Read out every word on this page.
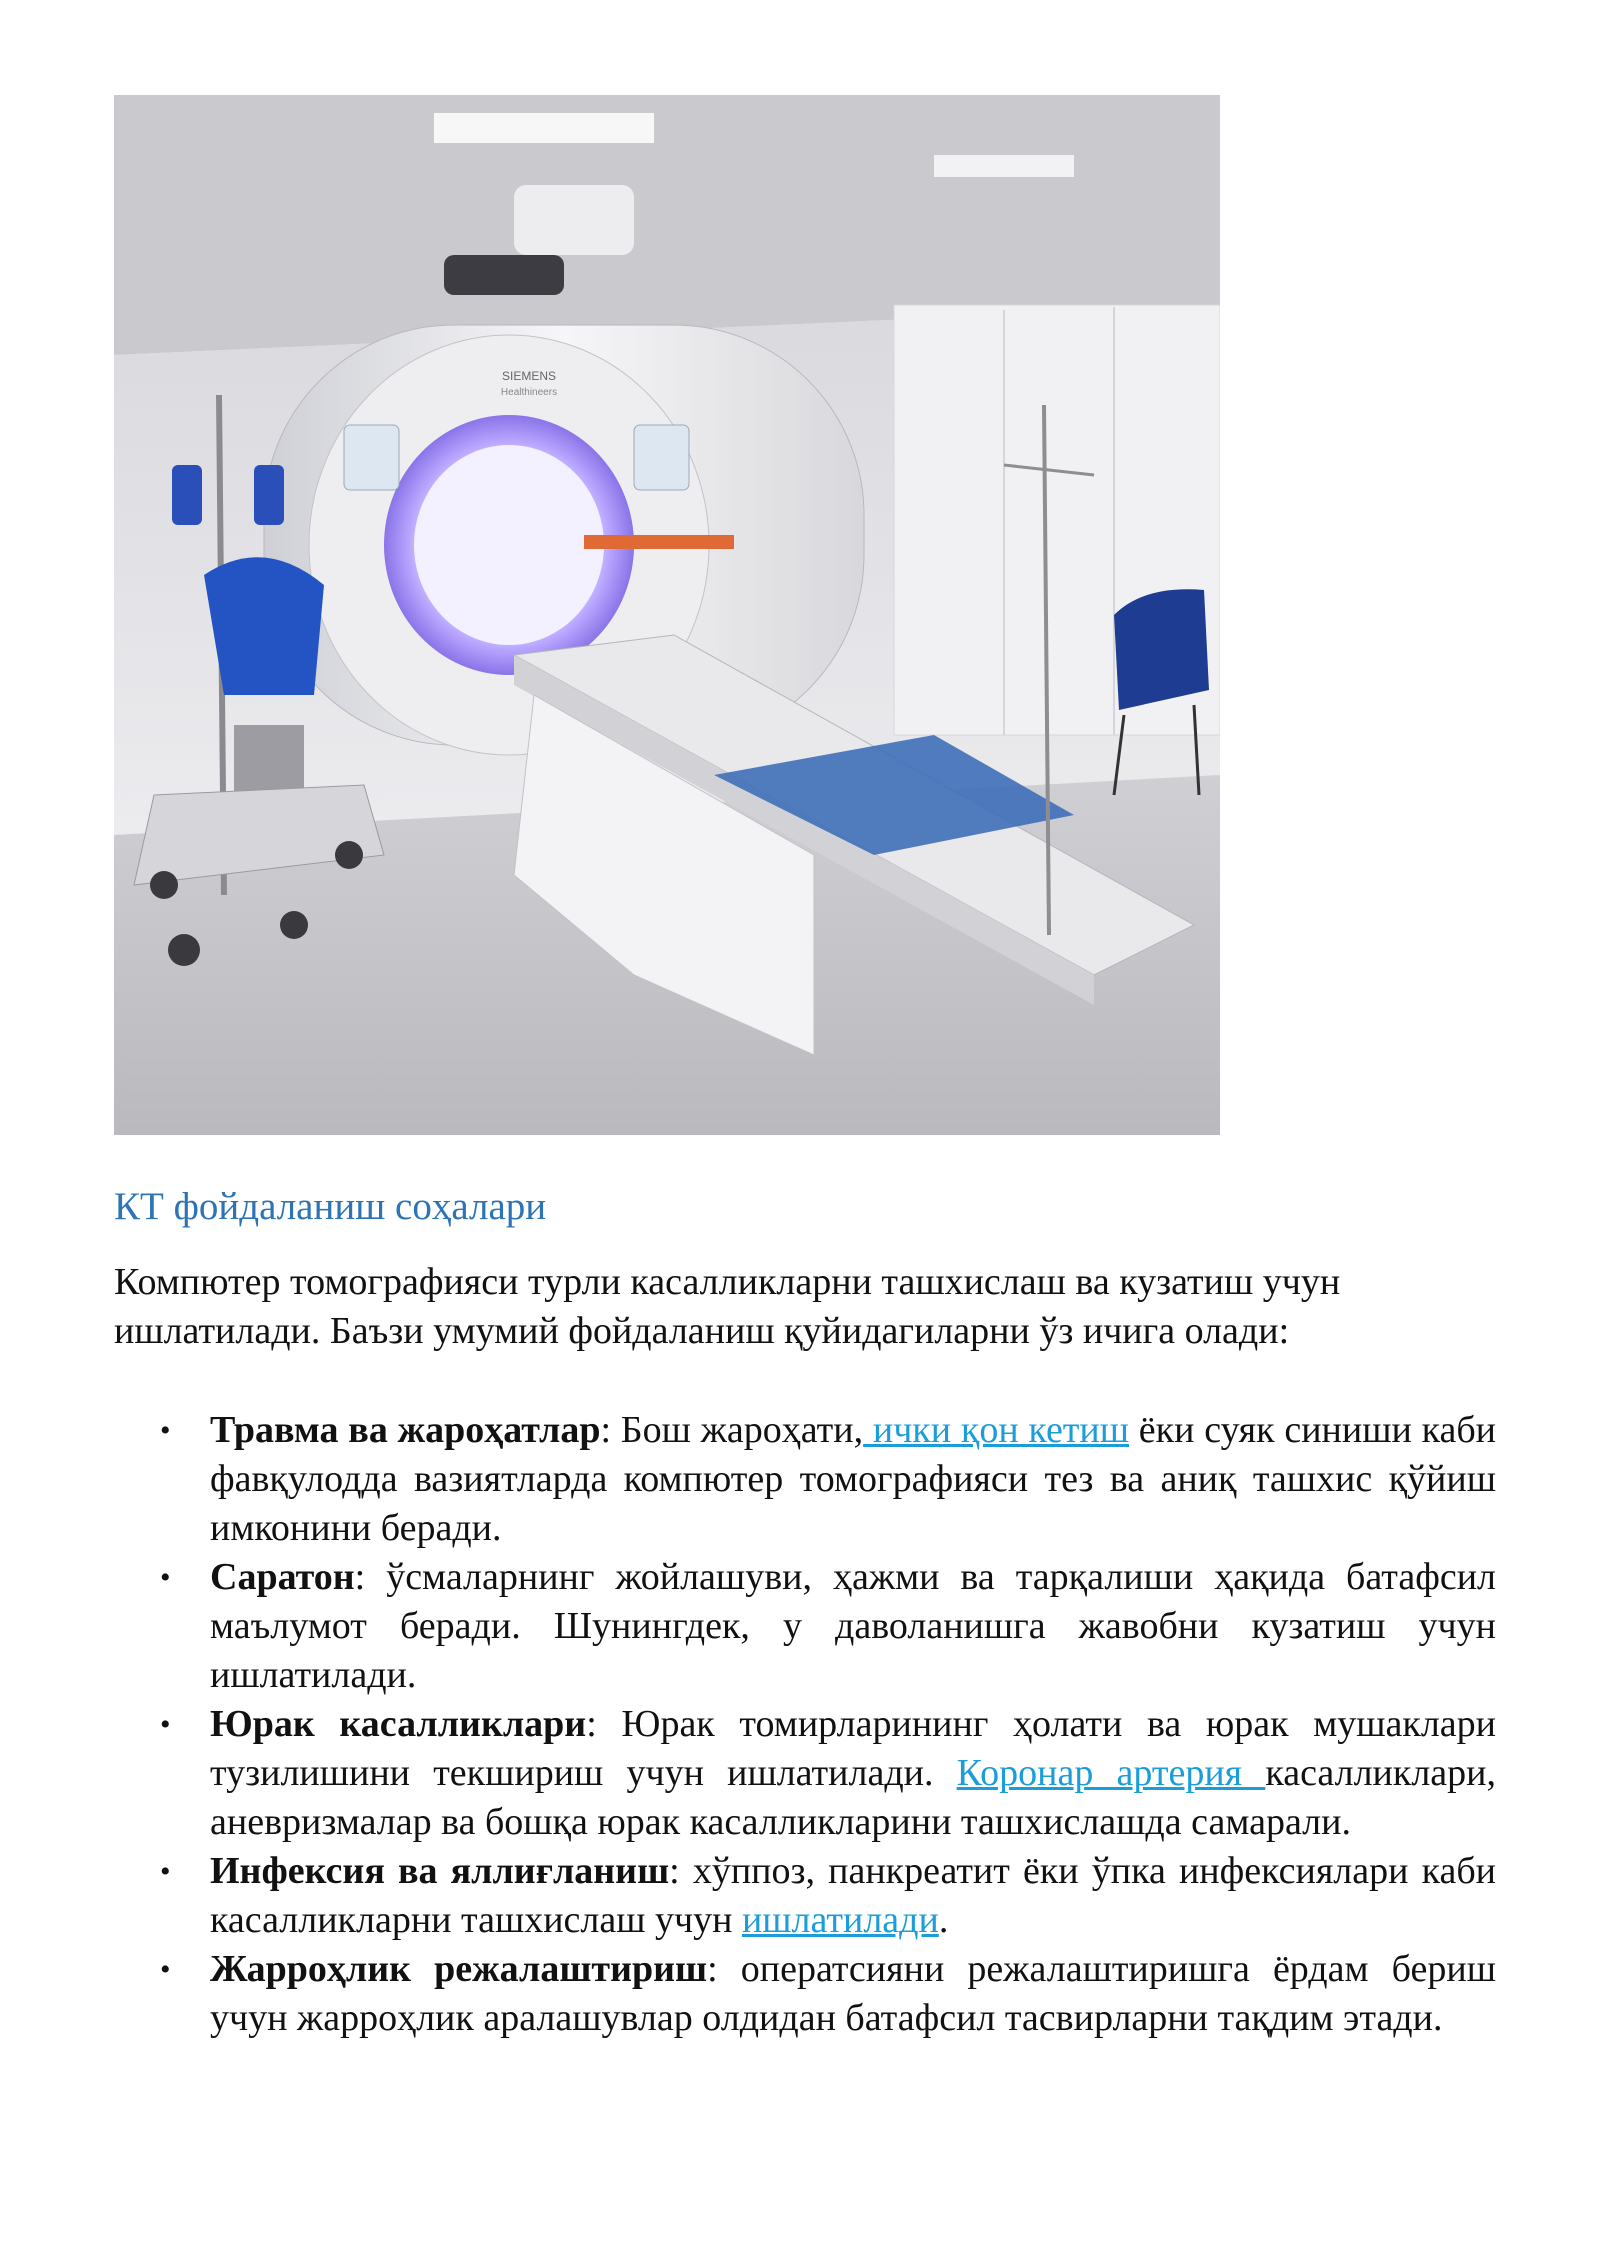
SIEMENS
Healthineers
КТ фойдаланиш соҳалари

Компютер томографияси турли касалликларни ташхислаш ва кузатиш учун ишлатилади. Баъзи умумий фойдаланиш қуйидагиларни ўз ичига олади:

• Травма ва жароҳатлар: Бош жароҳати, ички қон кетиш ёки суяк синиши каби фавқулодда вазиятларда компютер томографияси тез ва аниқ ташхис қўйиш имконини беради.
• Саратон: ўсмаларнинг жойлашуви, ҳажми ва тарқалиши ҳақида батафсил маълумот беради. Шунингдек, у даволанишга жавобни кузатиш учун ишлатилади.
• Юрак касалликлари: Юрак томирларининг ҳолати ва юрак мушаклари тузилишини текшириш учун ишлатилади. Коронар артерия касалликлари, аневризмалар ва бошқа юрак касалликларини ташхислашда самарали.
• Инфексия ва яллиғланиш: хўппоз, панкреатит ёки ўпка инфексиялари каби касалликларни ташхислаш учун ишлатилади.
• Жарроҳлик режалаштириш: оператсияни режалаштиришга ёрдам бериш учун жарроҳлик аралашувлар олдидан батафсил тасвирларни тақдим этади.
